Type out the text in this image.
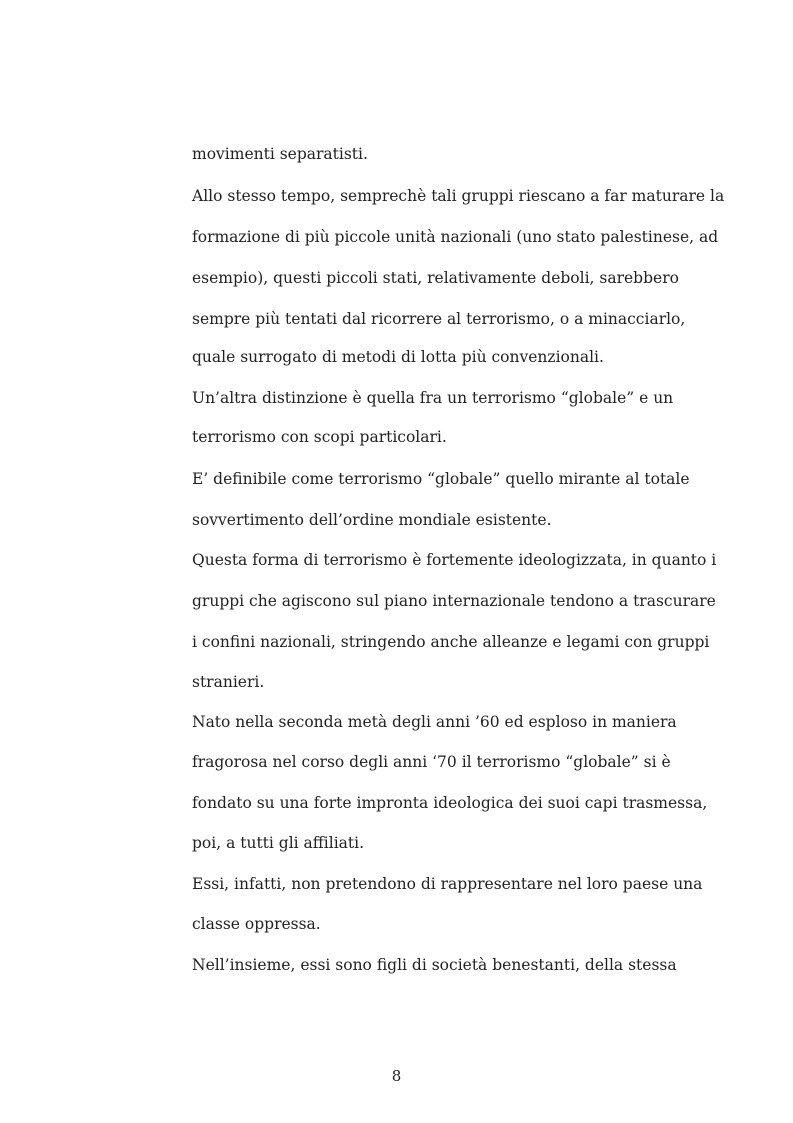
movimenti separatisti.
Allo stesso tempo, semprechè tali gruppi riescano a far maturare la
formazione di più piccole unità nazionali (uno stato palestinese, ad
esempio), questi piccoli stati, relativamente deboli, sarebbero
sempre più tentati dal ricorrere al terrorismo, o a minacciarlo,
quale surrogato di metodi di lotta più convenzionali.
Un’altra distinzione è quella fra un terrorismo “globale” e un
terrorismo con scopi particolari.
E’ definibile come terrorismo “globale” quello mirante al totale
sovvertimento dell’ordine mondiale esistente.
Questa forma di terrorismo è fortemente ideologizzata, in quanto i
gruppi che agiscono sul piano internazionale tendono a trascurare
i confini nazionali, stringendo anche alleanze e legami con gruppi
stranieri.
Nato nella seconda metà degli anni ’60 ed esploso in maniera
fragorosa nel corso degli anni ‘70 il terrorismo “globale” si è
fondato su una forte impronta ideologica dei suoi capi trasmessa,
poi, a tutti gli affiliati.
Essi, infatti, non pretendono di rappresentare nel loro paese una
classe oppressa.
Nell’insieme, essi sono figli di società benestanti, della stessa
8
